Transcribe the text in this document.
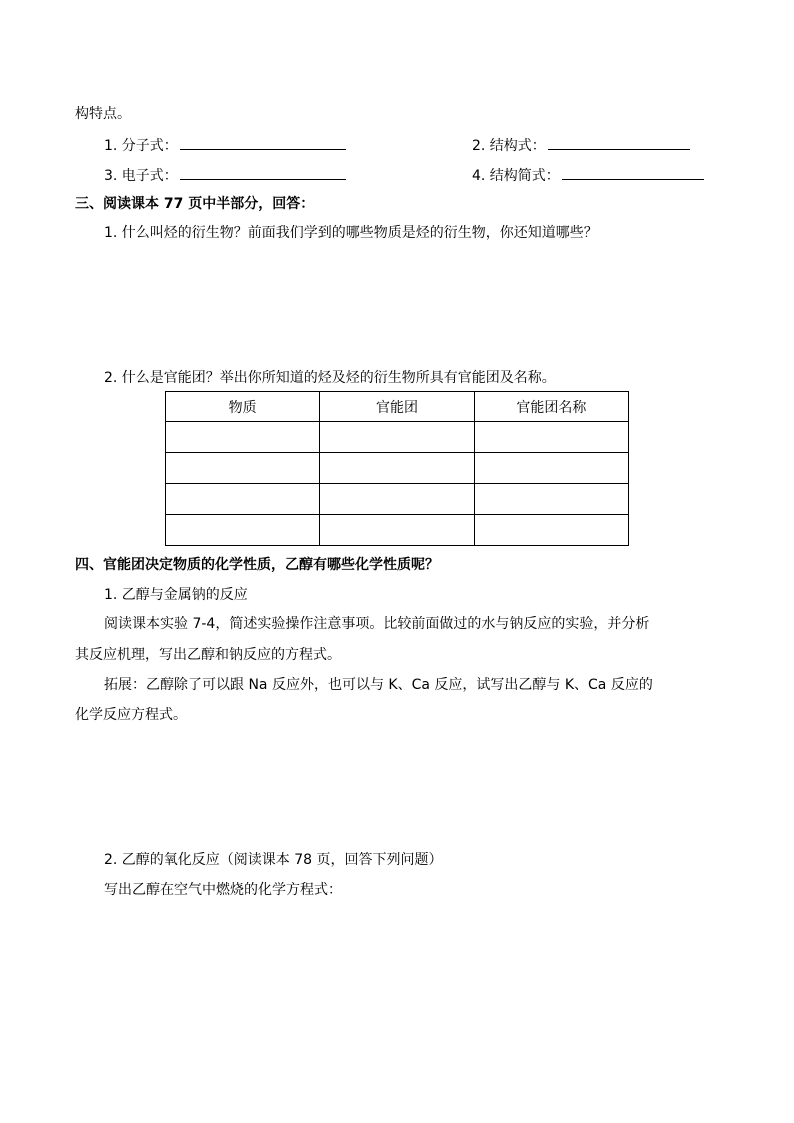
构特点。
1. 分子式：	2. 结构式：
3. 电子式：	4. 结构简式：
三、阅读课本 77 页中半部分，回答：
1. 什么叫烃的衍生物？前面我们学到的哪些物质是烃的衍生物，你还知道哪些？
2. 什么是官能团？举出你所知道的烃及烃的衍生物所具有官能团及名称。
物质	官能团	官能团名称

四、官能团决定物质的化学性质，乙醇有哪些化学性质呢？
1. 乙醇与金属钠的反应
阅读课本实验 7-4，简述实验操作注意事项。比较前面做过的水与钠反应的实验，并分析
其反应机理，写出乙醇和钠反应的方程式。
拓展：乙醇除了可以跟 Na 反应外，也可以与 K、Ca 反应，试写出乙醇与 K、Ca 反应的
化学反应方程式。
2. 乙醇的氧化反应（阅读课本 78 页，回答下列问题）
写出乙醇在空气中燃烧的化学方程式：
